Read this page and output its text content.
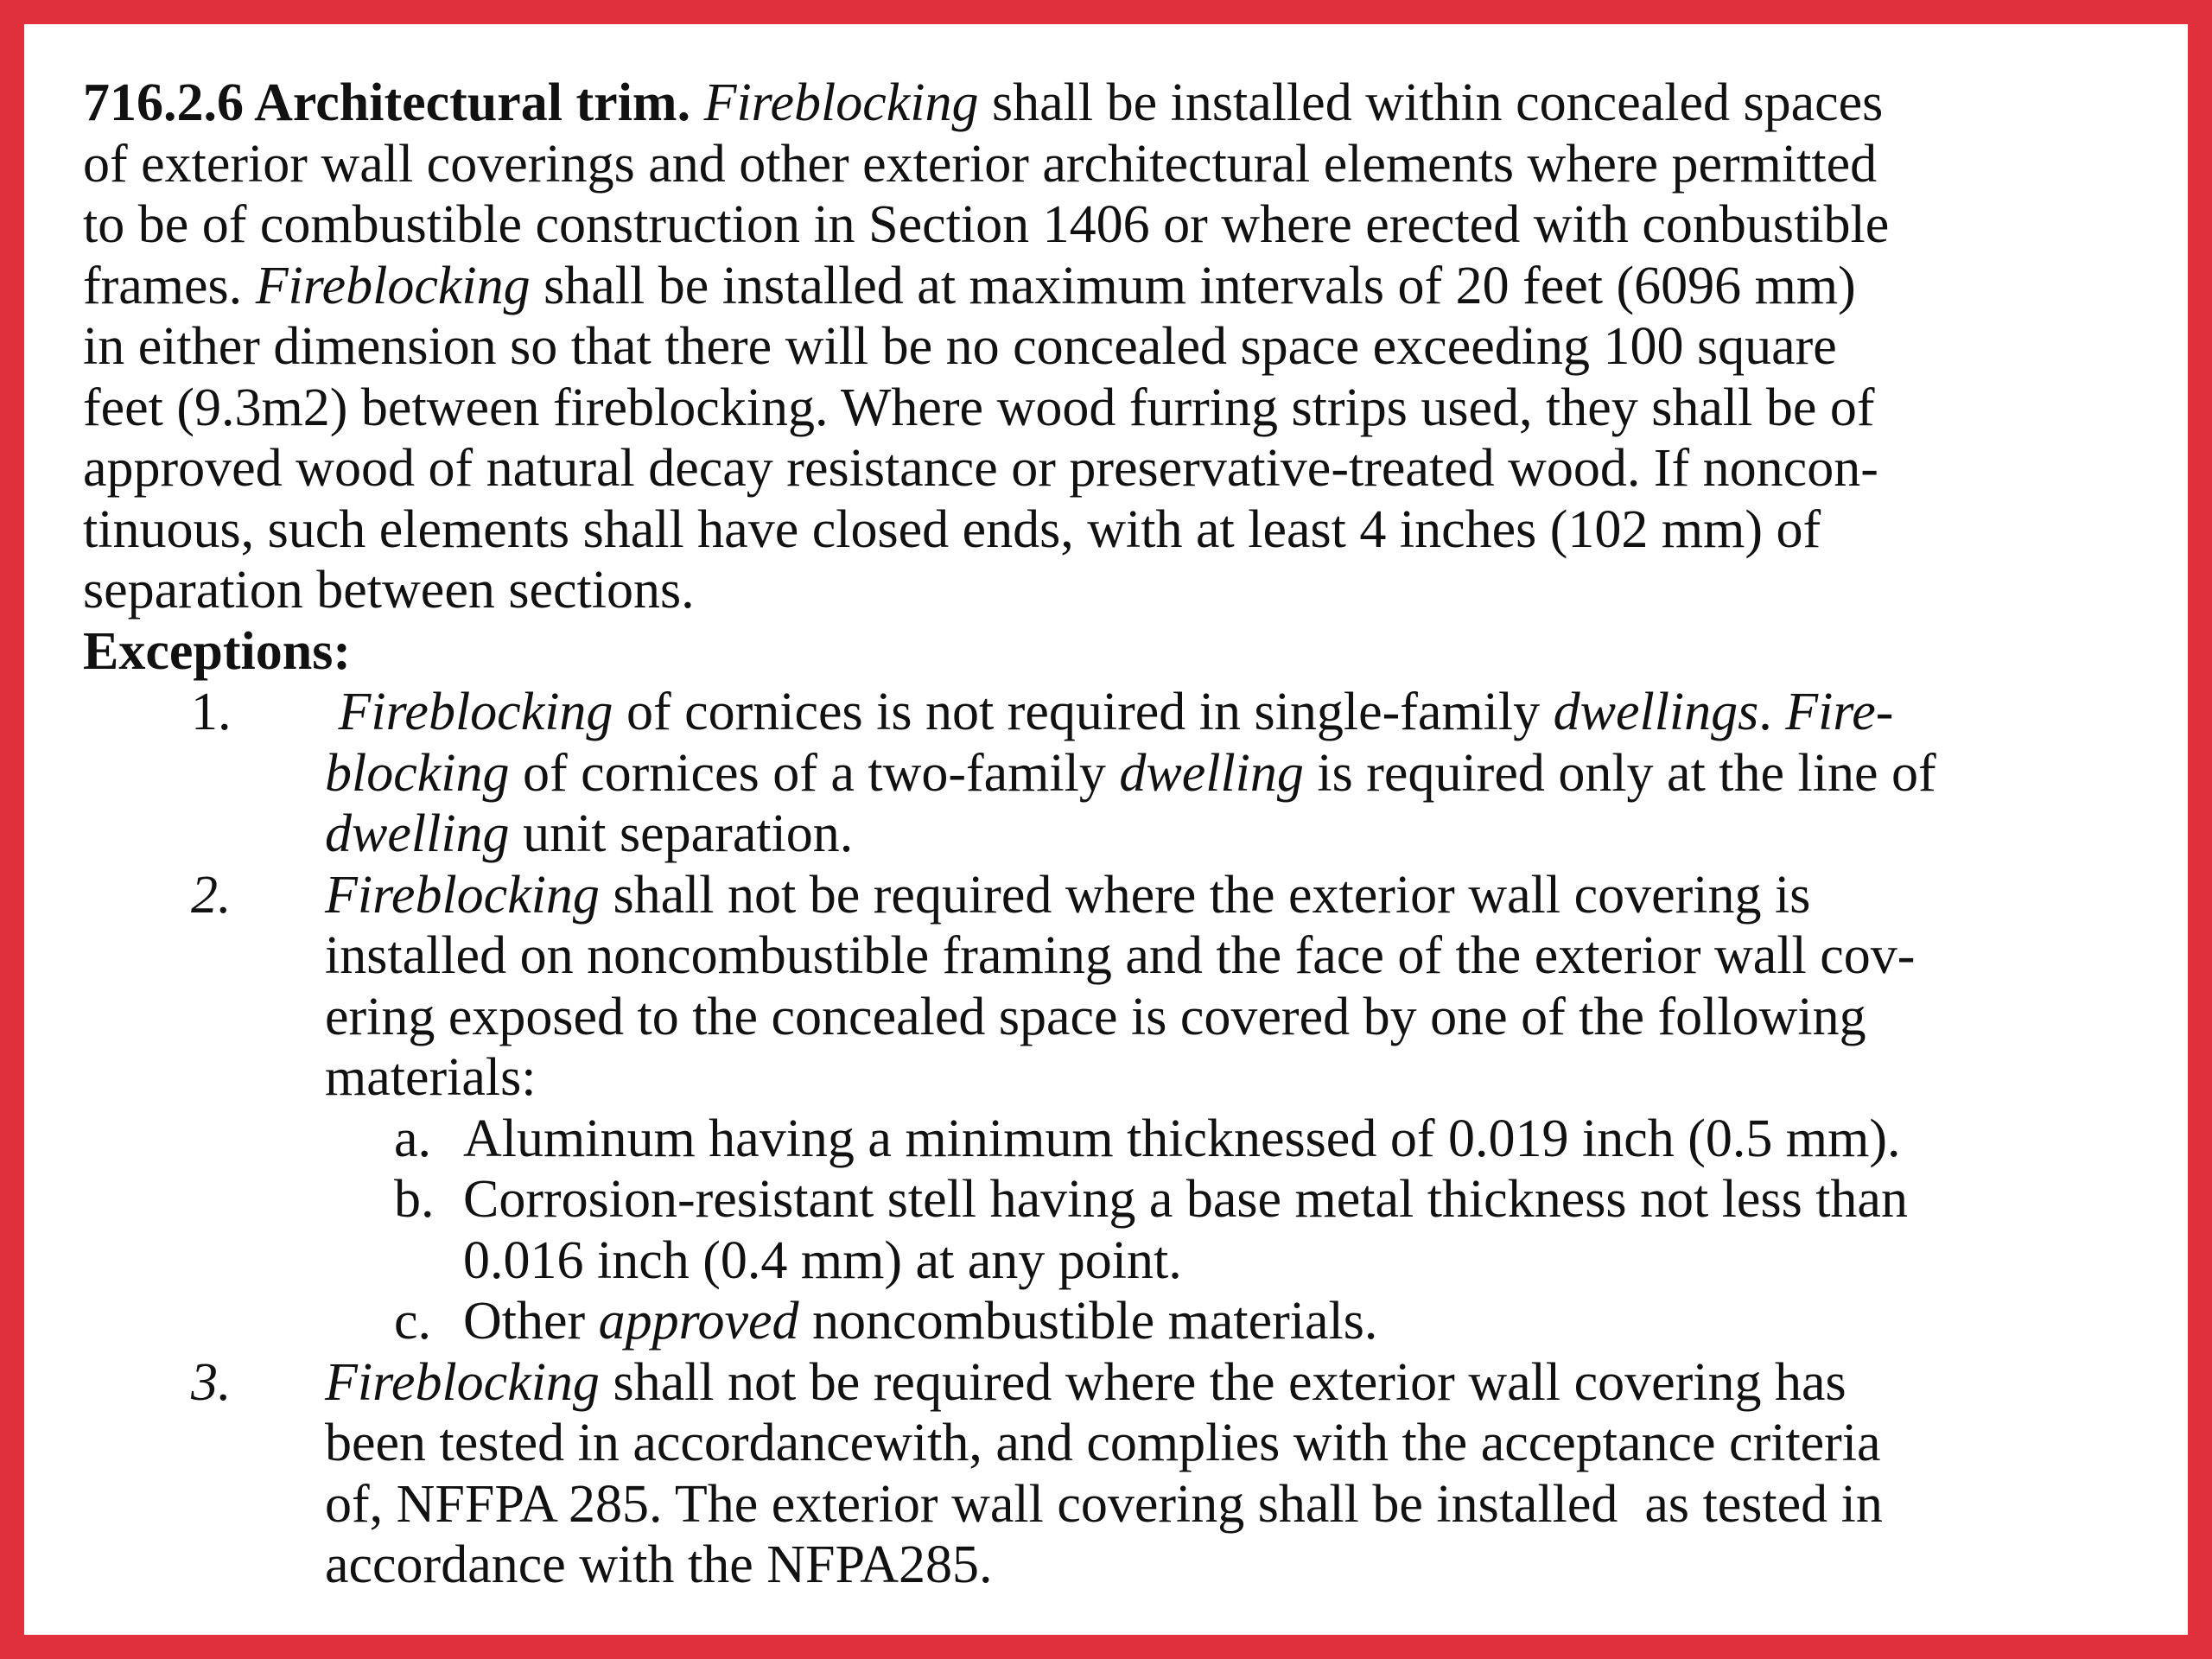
716.2.6 Architectural trim. Fireblocking shall be installed within concealed spaces
of exterior wall coverings and other exterior architectural elements where permitted
to be of combustible construction in Section 1406 or where erected with conbustible
frames. Fireblocking shall be installed at maximum intervals of 20 feet (6096 mm)
in either dimension so that there will be no concealed space exceeding 100 square
feet (9.3m2) between fireblocking. Where wood furring strips used, they shall be of
approved wood of natural decay resistance or preservative-treated wood. If noncon-
tinuous, such elements shall have closed ends, with at least 4 inches (102 mm) of
separation between sections.
Exceptions:
1. Fireblocking of cornices is not required in single-family dwellings. Fire-
blocking of cornices of a two-family dwelling is required only at the line of
dwelling unit separation.
2. Fireblocking shall not be required where the exterior wall covering is
installed on noncombustible framing and the face of the exterior wall cov-
ering exposed to the concealed space is covered by one of the following
materials:
a. Aluminum having a minimum thicknessed of 0.019 inch (0.5 mm).
b. Corrosion-resistant stell having a base metal thickness not less than
0.016 inch (0.4 mm) at any point.
c. Other approved noncombustible materials.
3. Fireblocking shall not be required where the exterior wall covering has
been tested in accordancewith, and complies with the acceptance criteria
of, NFFPA 285. The exterior wall covering shall be installed  as tested in
accordance with the NFPA285.
